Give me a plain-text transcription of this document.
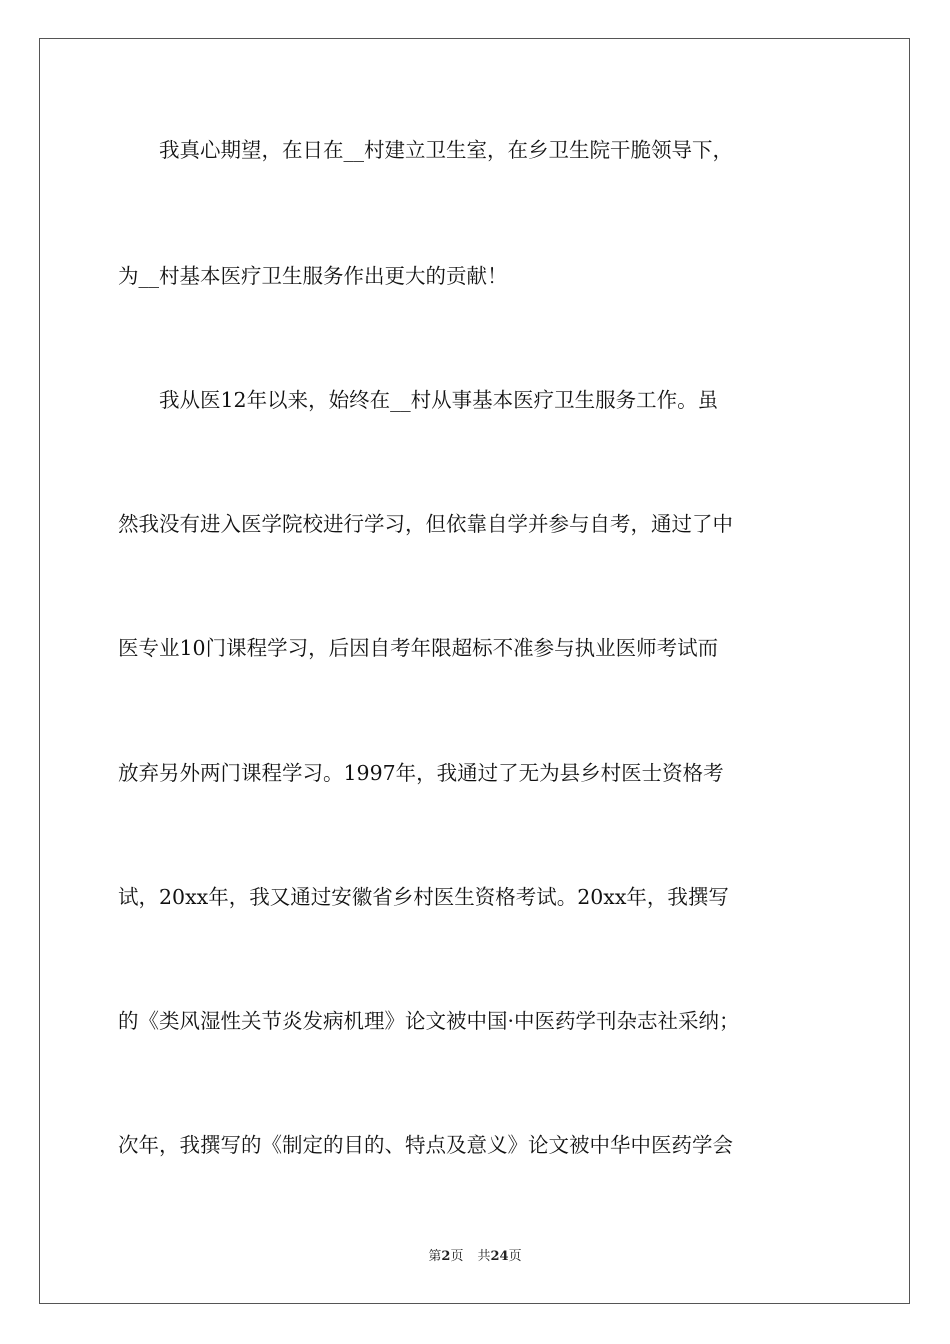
　　我真心期望，在日在__村建立卫生室，在乡卫生院干脆领导下，
为__村基本医疗卫生服务作出更大的贡献！
　　我从医12年以来，始终在__村从事基本医疗卫生服务工作。虽
然我没有进入医学院校进行学习，但依靠自学并参与自考，通过了中
医专业10门课程学习，后因自考年限超标不准参与执业医师考试而
放弃另外两门课程学习。1997年，我通过了无为县乡村医士资格考
试，20xx年，我又通过安徽省乡村医生资格考试。20xx年，我撰写
的《类风湿性关节炎发病机理》论文被中国·中医药学刊杂志社采纳；
次年，我撰写的《制定的目的、特点及意义》论文被中华中医药学会
第2页 共24页
